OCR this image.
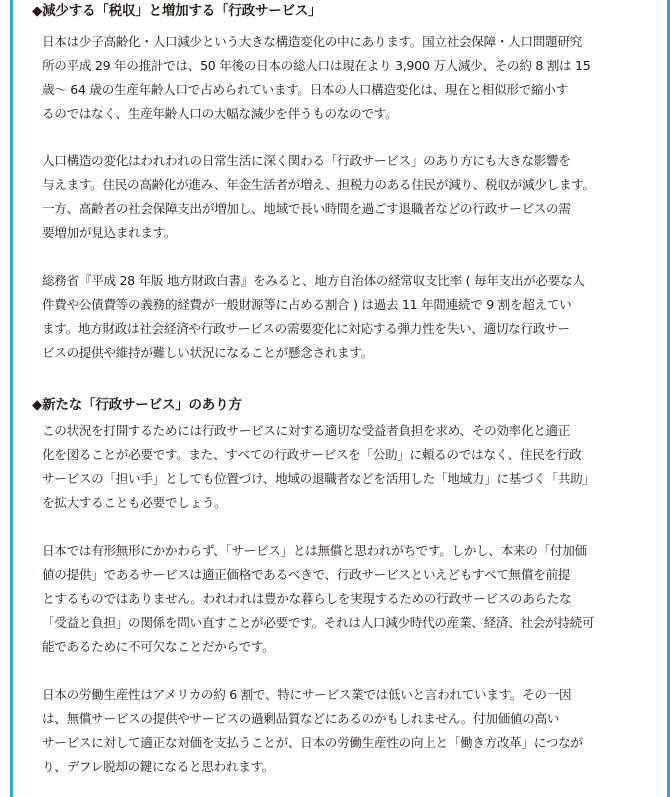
◆減少する「税収」と増加する「行政サービス」
日本は少子高齢化・人口減少という大きな構造変化の中にあります。国立社会保障・人口問題研究
所の平成 29 年の推計では、50 年後の日本の総人口は現在より 3,900 万人減少、その約 8 割は 15
歳～ 64 歳の生産年齢人口で占められています。日本の人口構造変化は、現在と相似形で縮小す
るのではなく、生産年齢人口の大幅な減少を伴うものなのです。
人口構造の変化はわれわれの日常生活に深く関わる「行政サービス」のあり方にも大きな影響を
与えます。住民の高齢化が進み、年金生活者が増え、担税力のある住民が減り、税収が減少します。
一方、高齢者の社会保障支出が増加し、地域で長い時間を過ごす退職者などの行政サービスの需
要増加が見込まれます。
総務省『平成 28 年版 地方財政白書』をみると、地方自治体の経常収支比率 ( 毎年支出が必要な人
件費や公債費等の義務的経費が一般財源等に占める割合 ) は過去 11 年間連続で 9 割を超えてい
ます。地方財政は社会経済や行政サービスの需要変化に対応する弾力性を失い、適切な行政サー
ビスの提供や維持が難しい状況になることが懸念されます。
◆新たな「行政サービス」のあり方
この状況を打開するためには行政サービスに対する適切な受益者負担を求め、その効率化と適正
化を図ることが必要です。また、すべての行政サービスを「公助」に頼るのではなく、住民を行政
サービスの「担い手」としても位置づけ、地域の退職者などを活用した「地域力」に基づく「共助」
を拡大することも必要でしょう。
日本では有形無形にかかわらず、「サービス」とは無償と思われがちです。しかし、本来の「付加価
値の提供」であるサービスは適正価格であるべきで、行政サービスといえどもすべて無償を前提
とするものではありません。われわれは豊かな暮らしを実現するための行政サービスのあらたな
「受益と負担」の関係を問い直すことが必要です。それは人口減少時代の産業、経済、社会が持続可
能であるために不可欠なことだからです。
日本の労働生産性はアメリカの約 6 割で、特にサービス業では低いと言われています。その一因
は、無償サービスの提供やサービスの過剰品質などにあるのかもしれません。付加価値の高い
サービスに対して適正な対価を支払うことが、日本の労働生産性の向上と「働き方改革」につなが
り、デフレ脱却の鍵になると思われます。
